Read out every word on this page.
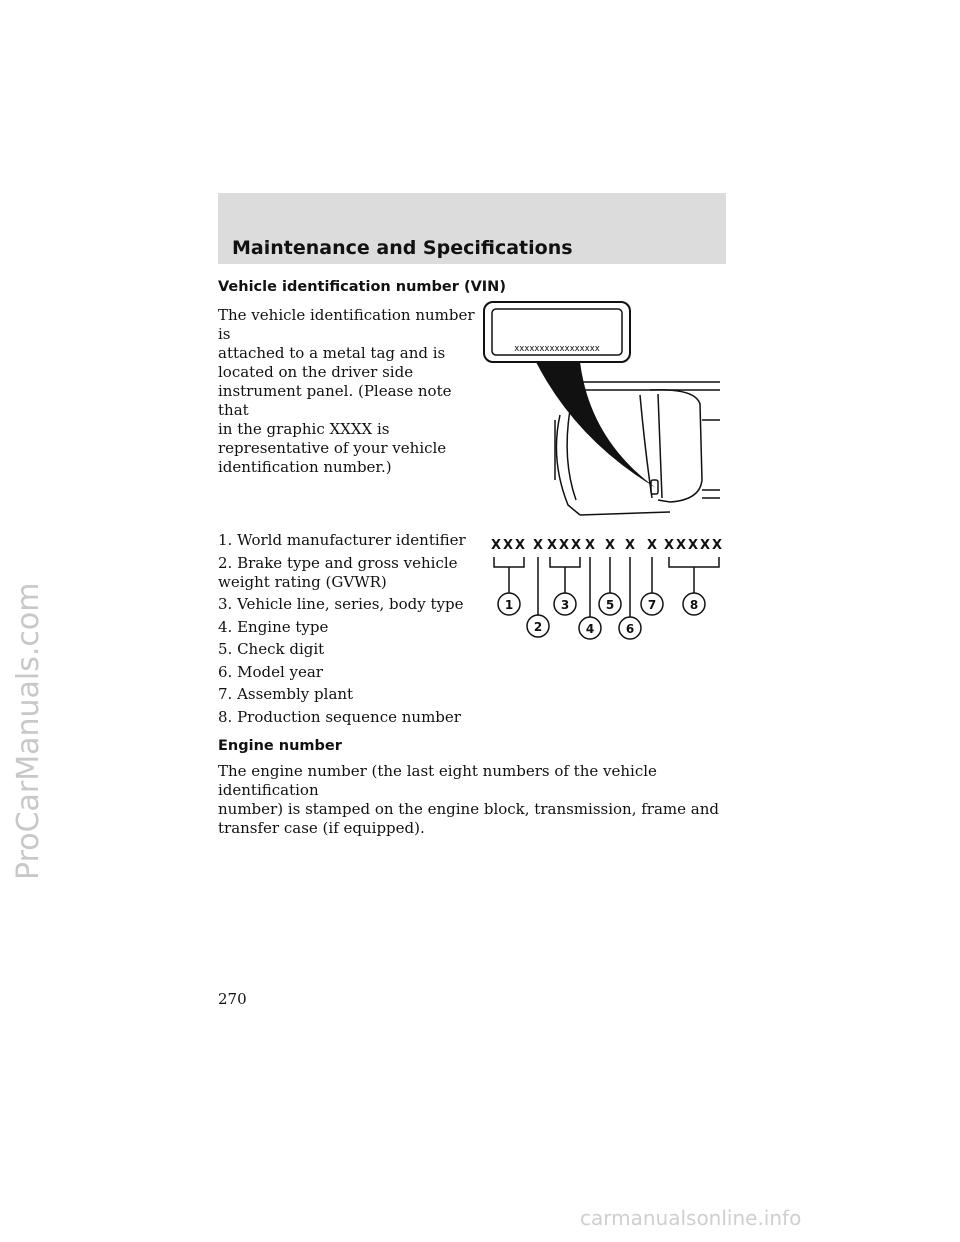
ProCarManuals.com
Maintenance and Specifications
Vehicle identification number (VIN)
The vehicle identification number is
attached to a metal tag and is
located on the driver side
instrument panel. (Please note that
in the graphic XXXX is
representative of your vehicle
identification number.)
xxxxxxxxxxxxxxxxx
1. World manufacturer identifier
2. Brake type and gross vehicle
weight rating (GVWR)
3. Vehicle line, series, body type
4. Engine type
5. Check digit
6. Model year
7. Assembly plant
8. Production sequence number
XXX X XXX X X X X XXXXX
1
2
3
4
5
6
7	8
Engine number
The engine number (the last eight numbers of the vehicle identification
number) is stamped on the engine block, transmission, frame and
transfer case (if equipped).
270
carmanualsonline.info
